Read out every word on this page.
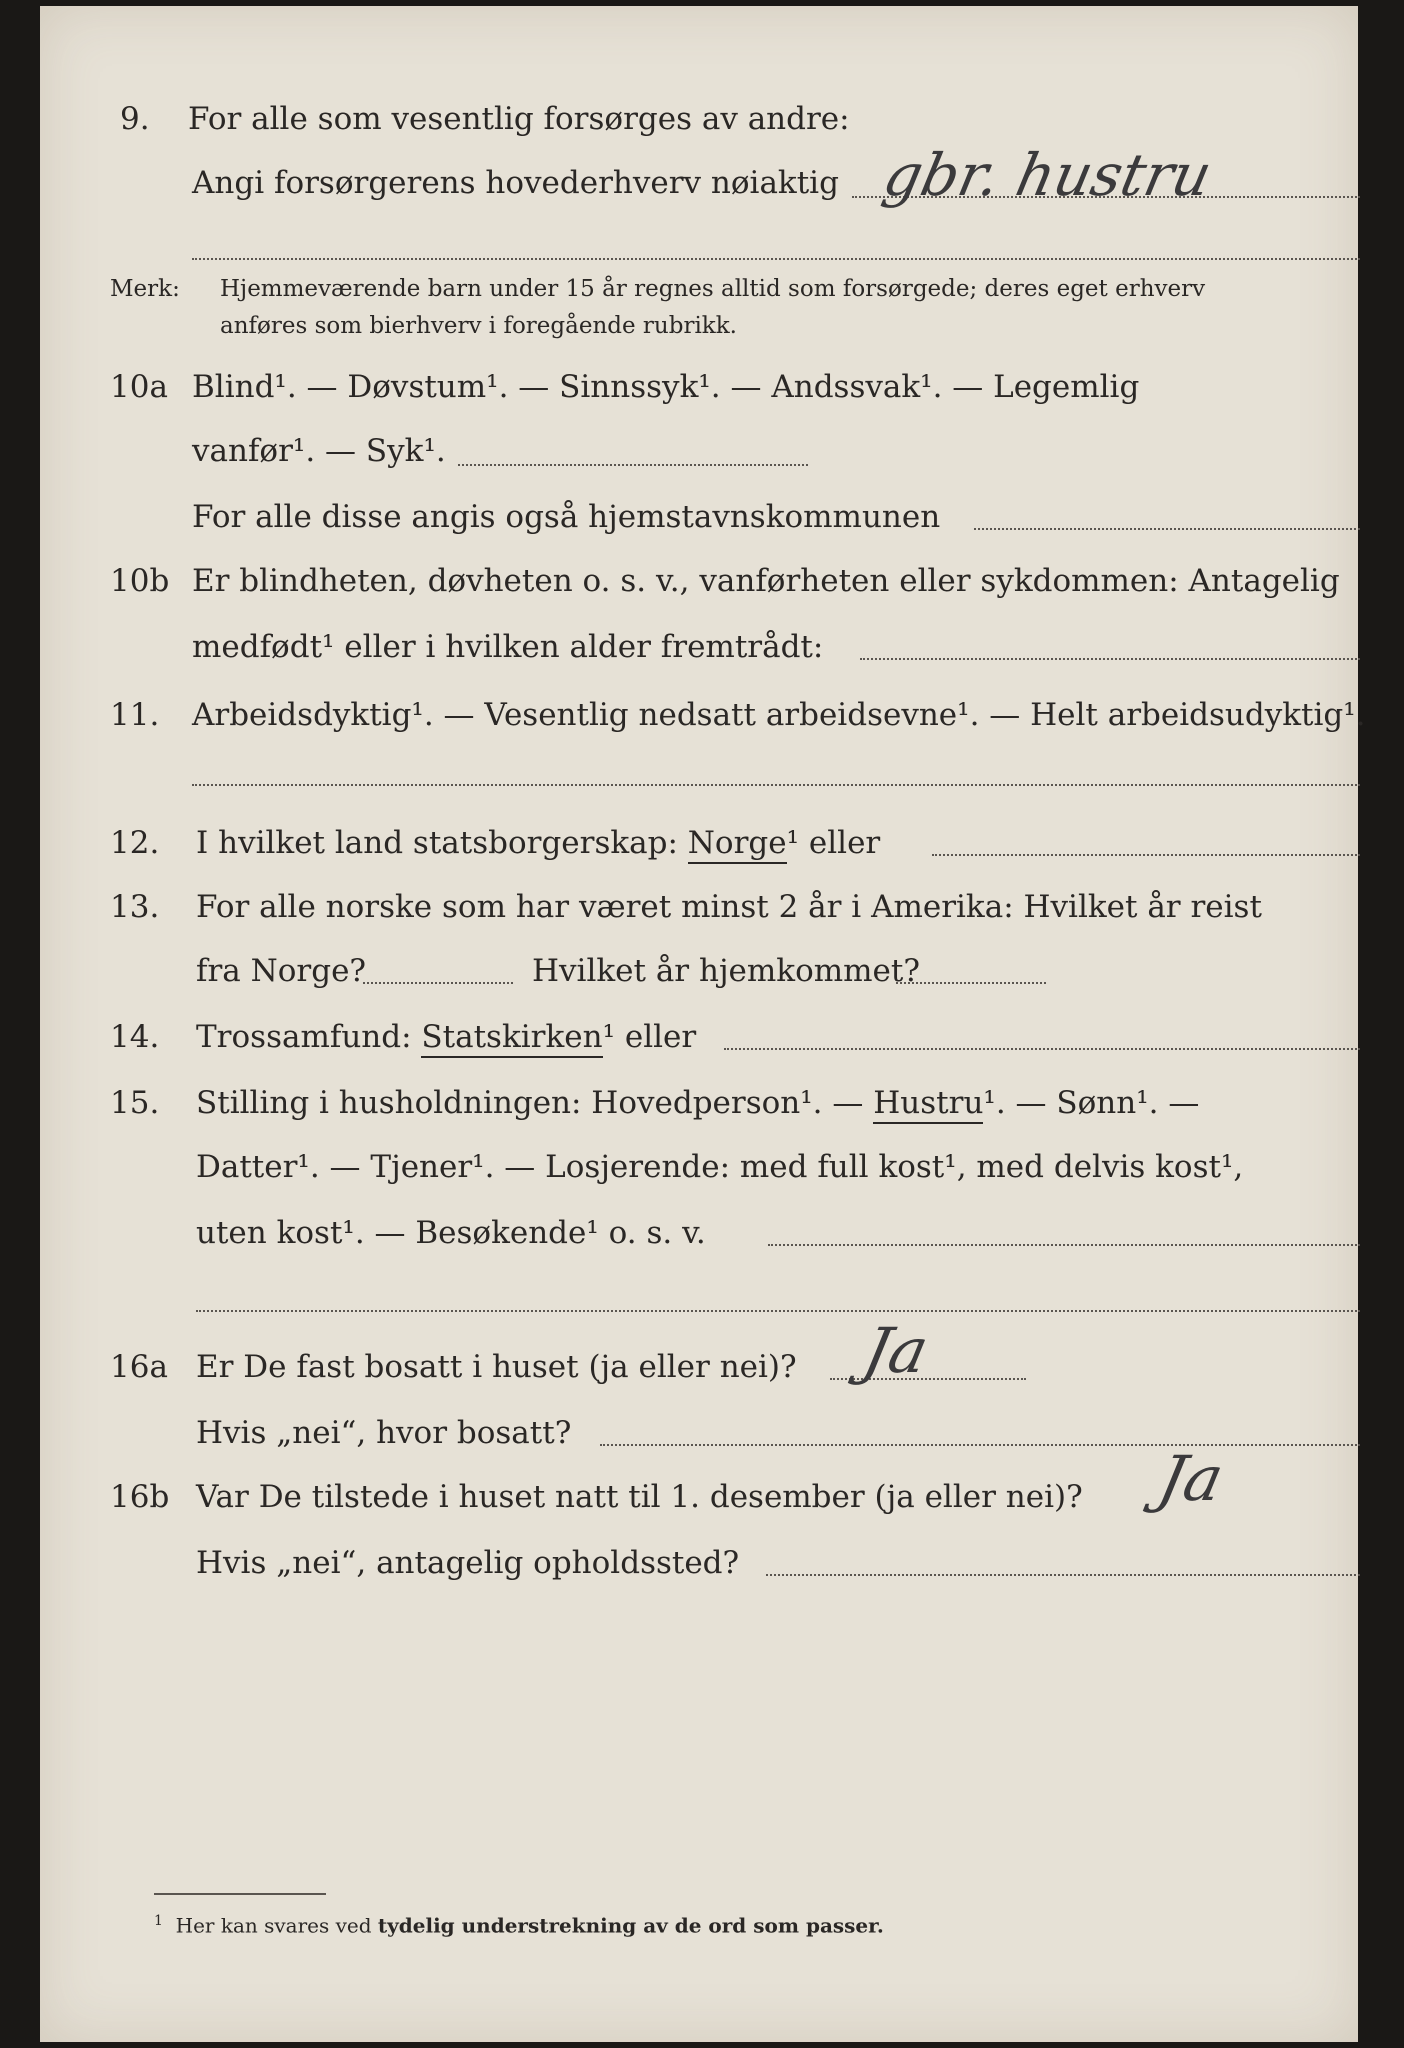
9. For alle som vesentlig forsørges av andre:
Angi forsørgerens hovederhverv nøiaktig gbr. hustru
Merk: Hjemmeværende barn under 15 år regnes alltid som forsørgede; deres eget erhverv
anføres som bierhverv i foregående rubrikk.
10a Blind¹. — Døvstum¹. — Sinnssyk¹. — Andssvak¹. — Legemlig
vanfør¹. — Syk¹.
For alle disse angis også hjemstavnskommunen
10b Er blindheten, døvheten o. s. v., vanførheten eller sykdommen: Antagelig
medfødt¹ eller i hvilken alder fremtrådt:
11. Arbeidsdyktig¹. — Vesentlig nedsatt arbeidsevne¹. — Helt arbeidsudyktig¹.
12. I hvilket land statsborgerskap: Norge¹ eller
13. For alle norske som har været minst 2 år i Amerika: Hvilket år reist
fra Norge?	Hvilket år hjemkommet?
14. Trossamfund: Statskirken¹ eller
15. Stilling i husholdningen: Hovedperson¹. — Hustru¹. — Sønn¹. —
Datter¹. — Tjener¹. — Losjerende: med full kost¹, med delvis kost¹,
uten kost¹. — Besøkende¹ o. s. v.
16a Er De fast bosatt i huset (ja eller nei)? Ja
Hvis „nei“, hvor bosatt?
16b Var De tilstede i huset natt til 1. desember (ja eller nei)? Ja
Hvis „nei“, antagelig opholdssted?
$^1$ Her kan svares ved tydelig understrekning av de ord som passer.
